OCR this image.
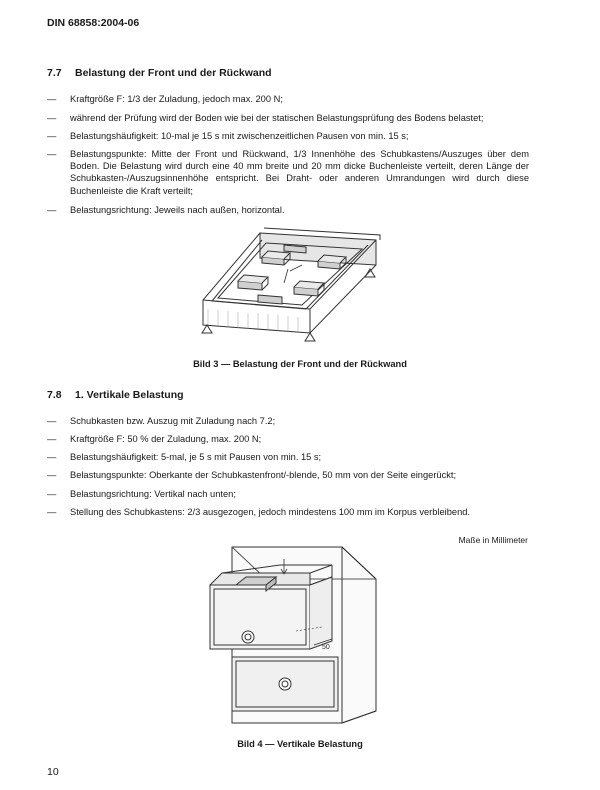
DIN 68858:2004-06
7.7 Belastung der Front und der Rückwand
—	Kraftgröße F: 1/3 der Zuladung, jedoch max. 200 N;
—	während der Prüfung wird der Boden wie bei der statischen Belastungsprüfung des Bodens belastet;
—	Belastungshäufigkeit: 10-mal je 15 s mit zwischenzeitlichen Pausen von min. 15 s;
—	Belastungspunkte: Mitte der Front und Rückwand, 1/3 Innenhöhe des Schubkastens/Auszuges über dem Boden. Die Belastung wird durch eine 40 mm breite und 20 mm dicke Buchenleiste verteilt, deren Länge der Schubkasten-/Auszugsinnenhöhe entspricht. Bei Draht- oder anderen Umrandungen wird durch diese Buchenleiste die Kraft verteilt;
—	Belastungsrichtung: Jeweils nach außen, horizontal.
Bild 3 — Belastung der Front und der Rückwand
7.8 1. Vertikale Belastung
—	Schubkasten bzw. Auszug mit Zuladung nach 7.2;
—	Kraftgröße F: 50 % der Zuladung, max. 200 N;
—	Belastungshäufigkeit: 5-mal, je 5 s mit Pausen von min. 15 s;
—	Belastungspunkte: Oberkante der Schubkastenfront/-blende, 50 mm von der Seite eingerückt;
—	Belastungsrichtung: Vertikal nach unten;
—	Stellung des Schubkastens: 2/3 ausgezogen, jedoch mindestens 100 mm im Korpus verbleibend.
Maße in Millimeter
50
Bild 4 — Vertikale Belastung
10
